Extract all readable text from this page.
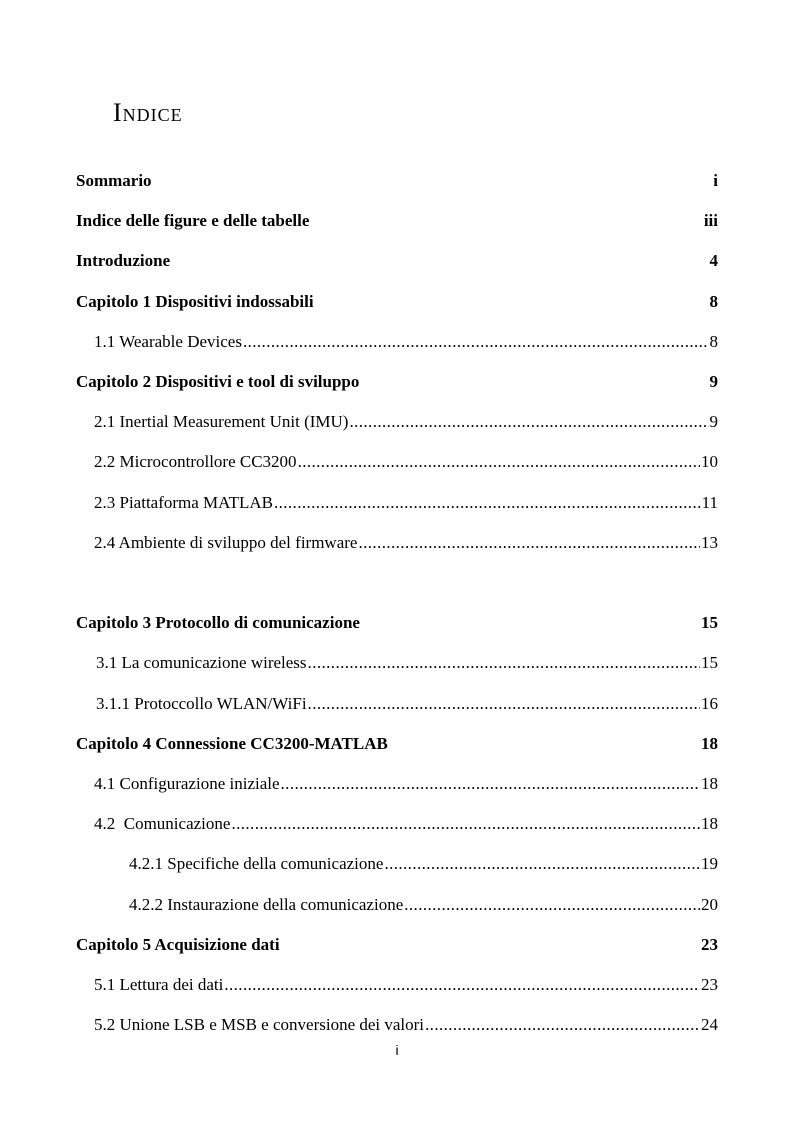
Indice
Sommario	i
Indice delle figure e delle tabelle	iii
Introduzione	4
Capitolo 1 Dispositivi indossabili	8
1.1 Wearable Devices .....	8
Capitolo 2 Dispositivi e tool di sviluppo	9
2.1 Inertial Measurement Unit (IMU) .....	9
2.2 Microcontrollore CC3200 .....	10
2.3 Piattaforma MATLAB .....	11
2.4 Ambiente di sviluppo del firmware .....	13
Capitolo 3 Protocollo di comunicazione	15
3.1 La comunicazione wireless .....	15
3.1.1 Protoccollo WLAN/WiFi .....	16
Capitolo 4 Connessione CC3200-MATLAB	18
4.1 Configurazione iniziale .....	18
4.2  Comunicazione .....	18
4.2.1 Specifiche della comunicazione .....	19
4.2.2 Instaurazione della comunicazione .....	20
Capitolo 5 Acquisizione dati	23
5.1 Lettura dei dati .....	23
5.2 Unione LSB e MSB e conversione dei valori .....	24
i
